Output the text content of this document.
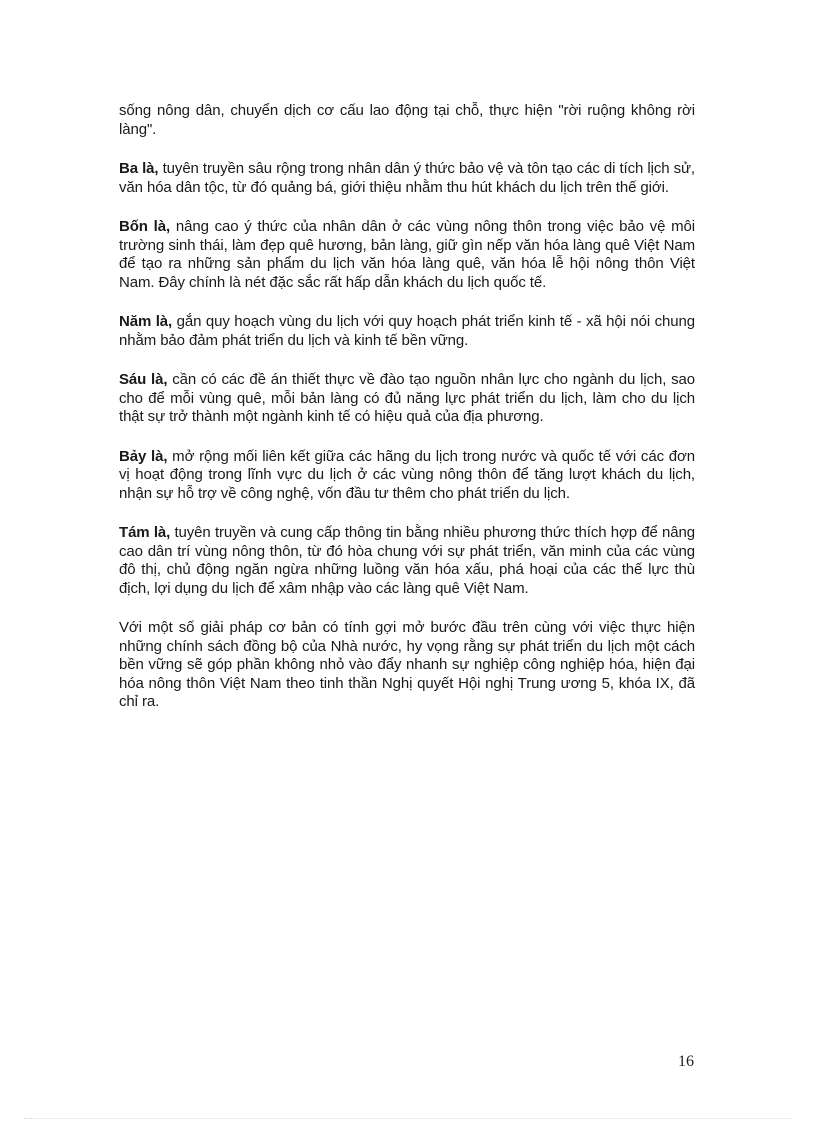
sống nông dân, chuyển dịch cơ cấu lao động tại chỗ, thực hiện "rời ruộng không rời làng".

Ba là, tuyên truyền sâu rộng trong nhân dân ý thức bảo vệ và tôn tạo các di tích lịch sử, văn hóa dân tộc, từ đó quảng bá, giới thiệu nhằm thu hút khách du lịch trên thế giới.

Bốn là, nâng cao ý thức của nhân dân ở các vùng nông thôn trong việc bảo vệ môi trường sinh thái, làm đẹp quê hương, bản làng, giữ gìn nếp văn hóa làng quê Việt Nam để tạo ra những sản phẩm du lịch văn hóa làng quê, văn hóa lễ hội nông thôn Việt Nam. Đây chính là nét đặc sắc rất hấp dẫn khách du lịch quốc tế.

Năm là, gắn quy hoạch vùng du lịch với quy hoạch phát triển kinh tế - xã hội nói chung nhằm bảo đảm phát triển du lịch và kinh tế bền vững.

Sáu là, cần có các đề án thiết thực về đào tạo nguồn nhân lực cho ngành du lịch, sao cho để mỗi vùng quê, mỗi bản làng có đủ năng lực phát triển du lịch, làm cho du lịch thật sự trở thành một ngành kinh tế có hiệu quả của địa phương.

Bảy là, mở rộng mối liên kết giữa các hãng du lịch trong nước và quốc tế với các đơn vị hoạt động trong lĩnh vực du lịch ở các vùng nông thôn để tăng lượt khách du lịch, nhận sự hỗ trợ về công nghệ, vốn đầu tư thêm cho phát triển du lịch.

Tám là, tuyên truyền và cung cấp thông tin bằng nhiều phương thức thích hợp để nâng cao dân trí vùng nông thôn, từ đó hòa chung với sự phát triển, văn minh của các vùng đô thị, chủ động ngăn ngừa những luồng văn hóa xấu, phá hoại của các thế lực thù địch, lợi dụng du lịch để xâm nhập vào các làng quê Việt Nam.

Với một số giải pháp cơ bản có tính gợi mở bước đầu trên cùng với việc thực hiện những chính sách đồng bộ của Nhà nước, hy vọng rằng sự phát triển du lịch một cách bền vững sẽ góp phần không nhỏ vào đẩy nhanh sự nghiệp công nghiệp hóa, hiện đại hóa nông thôn Việt Nam theo tinh thần Nghị quyết Hội nghị Trung ương 5, khóa IX, đã chỉ ra.

16
